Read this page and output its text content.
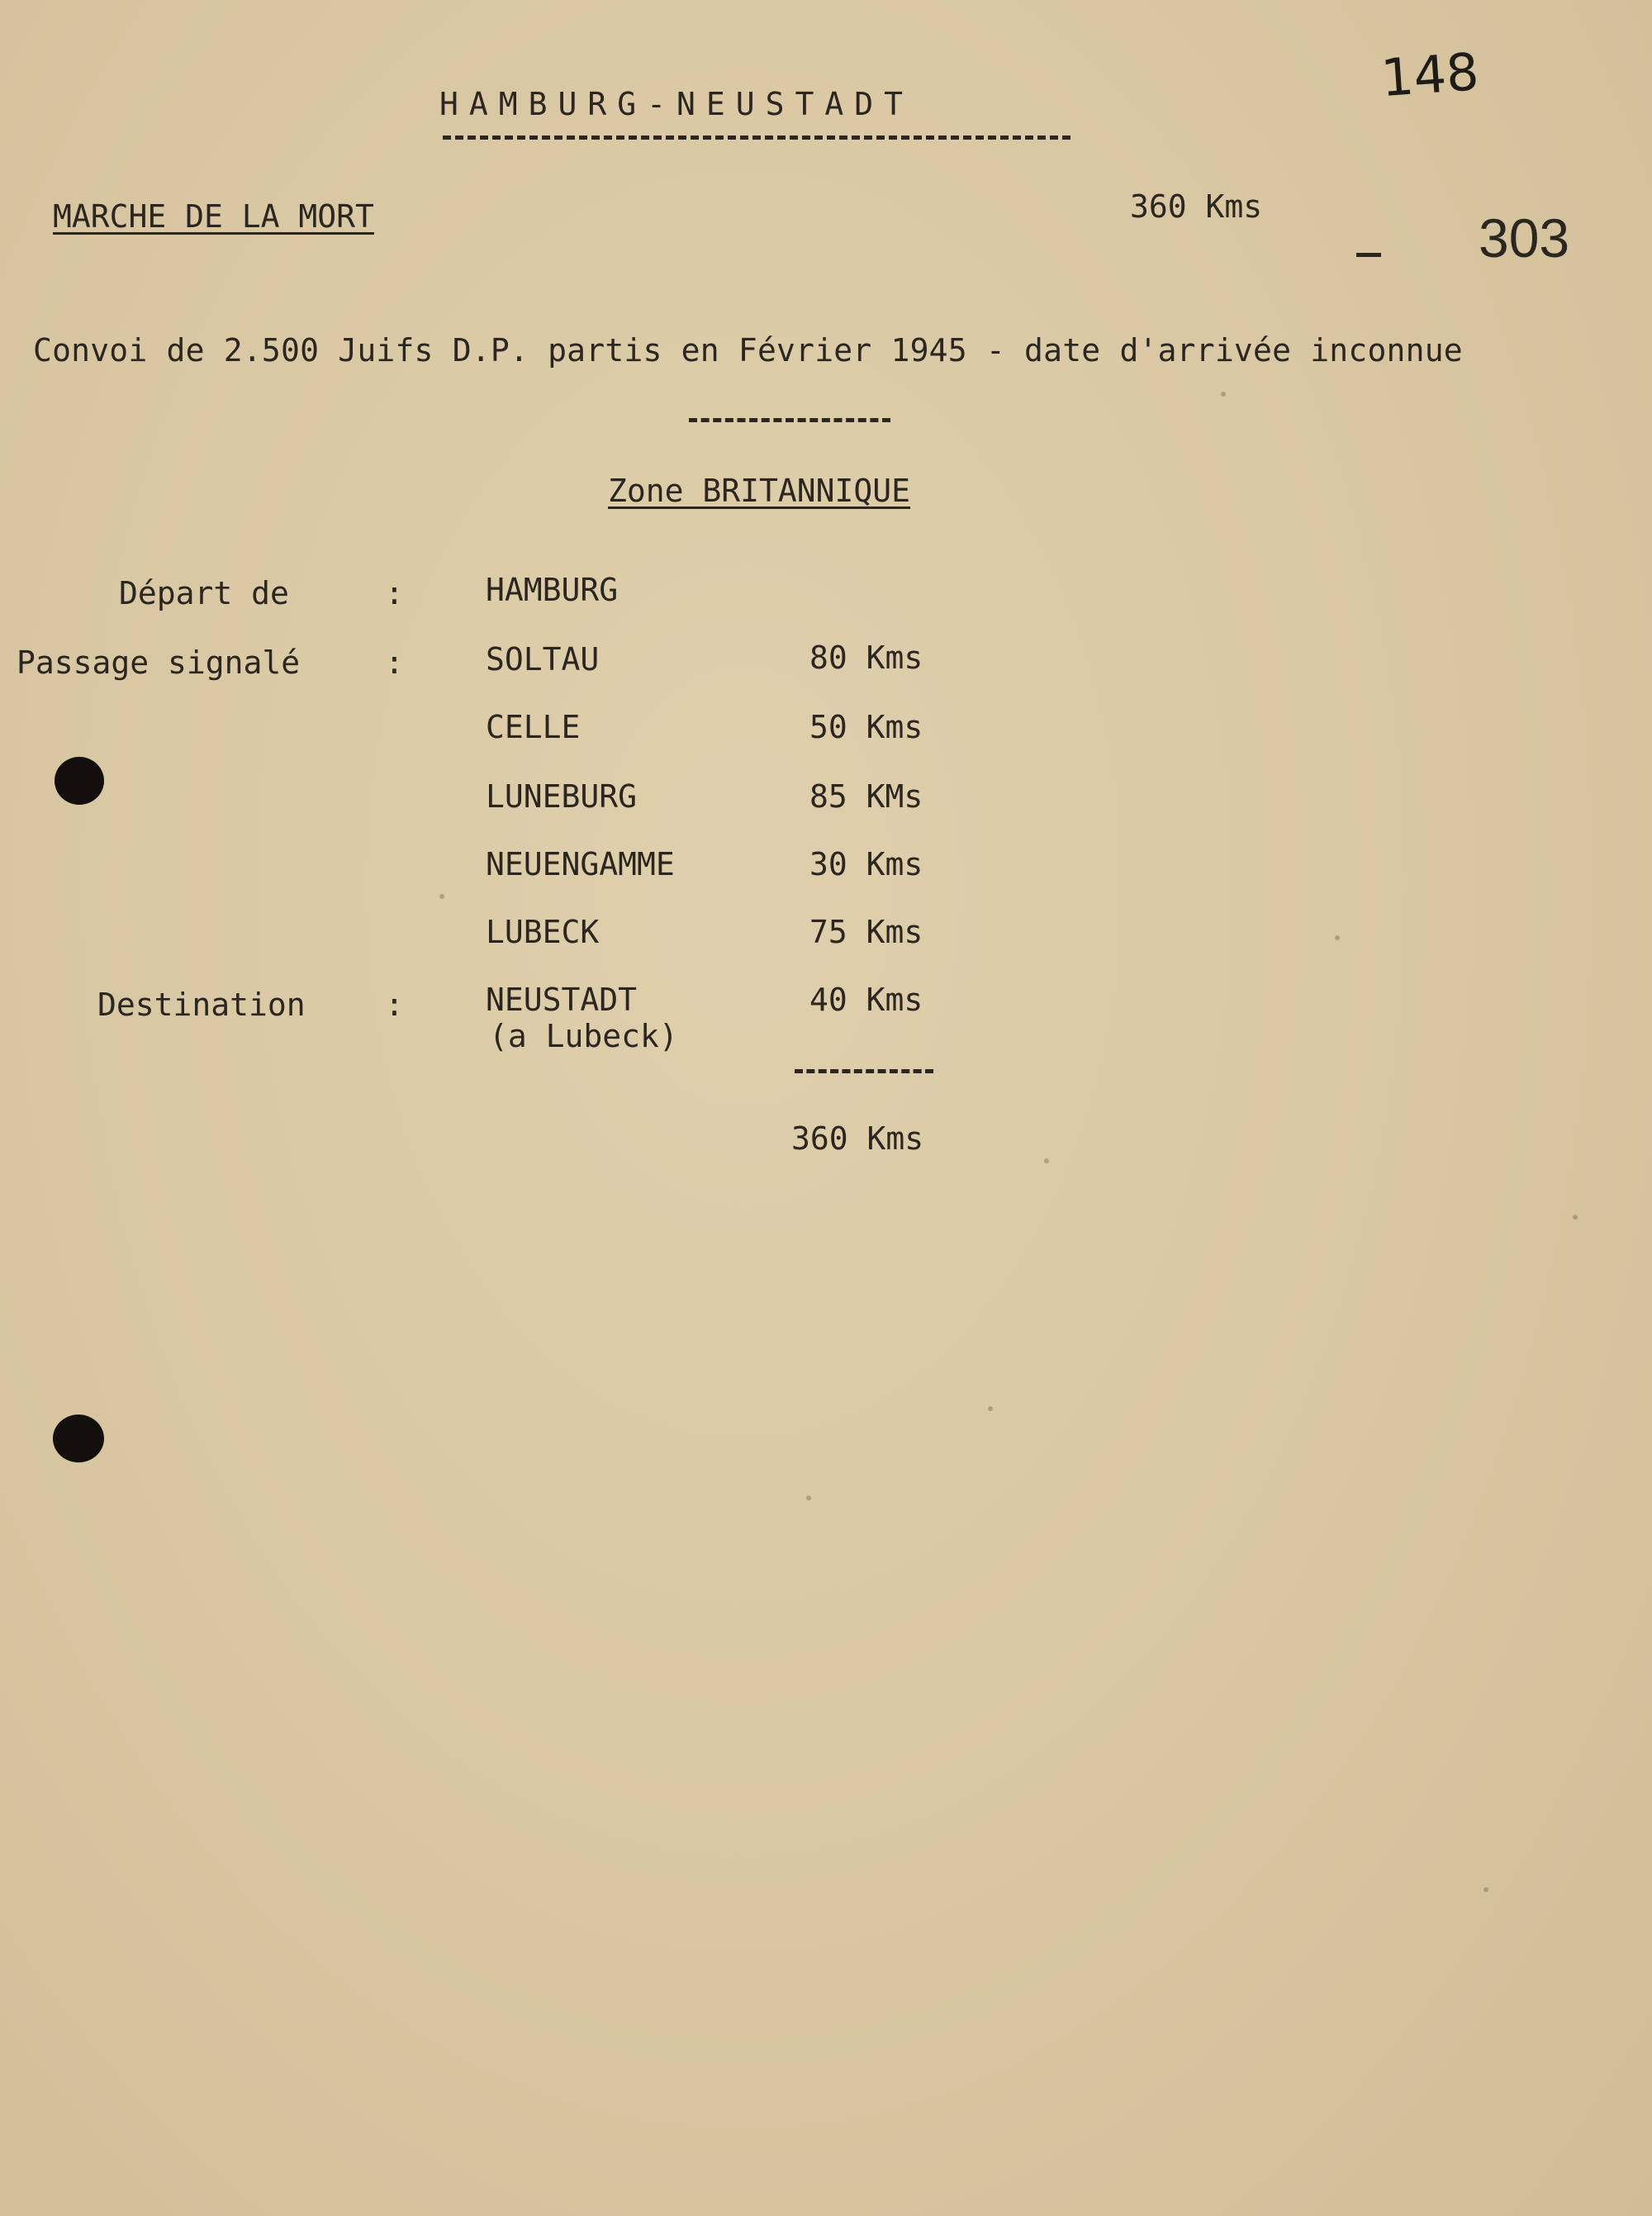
148
303
HAMBURG-NEUSTADT
MARCHE DE LA MORT	360 Kms
Convoi de 2.500 Juifs D.P. partis en Février 1945 - date d'arrivée inconnue
Zone BRITANNIQUE
Départ de	:	HAMBURG
Passage signalé	:	SOLTAU	80 Kms
CELLE	50 Kms
LUNEBURG	85 KMs
NEUENGAMME	30 Kms
LUBECK	75 Kms
Destination	:	NEUSTADT	40 Kms
(a Lubeck)
360 Kms
